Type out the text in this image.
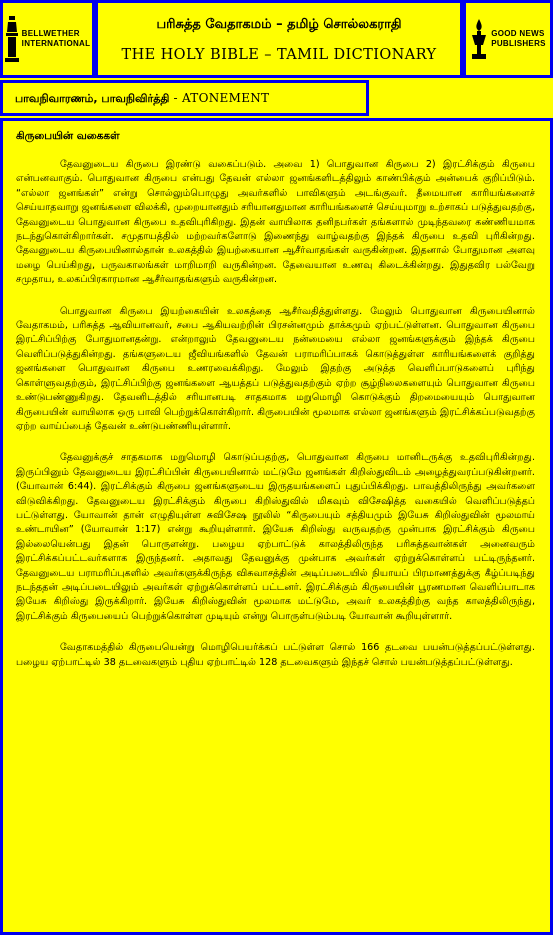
BELLWETHER
INTERNATIONAL
பரிசுத்த வேதாகமம் – தமிழ் சொல்லகராதி
THE HOLY BIBLE – TAMIL DICTIONARY
GOOD NEWS
PUBLISHERS
பாவநிவாரணம், பாவநிவிர்த்தி - ATONEMENT
கிருபையின் வகைகள்

தேவனுடைய கிருபை இரண்டு வகைப்படும். அவை 1) பொதுவான கிருபை 2) இரட்சிக்கும் கிருபை என்பனவாகும். பொதுவான கிருபை என்பது தேவன் எல்லா ஜனங்களிடத்திலும் காண்பிக்கும் அன்பைக் குறிப்பிடும். “எல்லா ஜனங்கள்” என்று சொல்லும்பொழுது அவர்களில் பாவிகளும் அடங்குவர். தீமையான காரியங்களைச் செய்யாதவாறு ஜனங்களை விலக்கி, முறையானதும் சரியானதுமான காரியங்களைச் செய்யுமாறு உற்சாகப் படுத்துவதற்கு, தேவனுடைய பொதுவான கிருபை உதவிபுரிகிறது. இதன் வாயிலாக தனிநபர்கள் தங்களால் முடிந்தவரை கண்ணியமாக நடந்துகொள்கிறார்கள். சமுதாயத்தில் மற்றவர்களோடு இணைந்து வாழ்வதற்கு இந்தக் கிருபை உதவி புரிகின்றது. தேவனுடைய கிருபையினால்தான் உலகத்தில் இயற்கையான ஆசீர்வாதங்கள் வருகின்றன. இதனால் போதுமான அளவு மழை பெய்கிறது, பருவகாலங்கள் மாறிமாறி வருகின்றன. தேவையான உணவு கிடைக்கின்றது. இதுதவிர பல்வேறு சமுதாய, உலகப்பிரகாரமான ஆசீர்வாதங்களும் வருகின்றன.

பொதுவான கிருபை இயற்கையின் உலகத்தை ஆசீர்வதித்துள்ளது. மேலும் பொதுவான கிருபையினால் வேதாகமம், பரிசுத்த ஆவியானவர், சபை ஆகியவற்றின் பிரசன்னமும் தாக்கமும் ஏற்பட்டுள்ளன. பொதுவான கிருபை இரட்சிப்பிற்கு போதுமானதன்று. என்றாலும் தேவனுடைய நன்மையை எல்லா ஜனங்களுக்கும் இந்தக் கிருபை வெளிப்படுத்துகின்றது. தங்களுடைய ஜீவியங்களில் தேவன் பராமரிப்பாகக் கொடுத்துள்ள காரியங்களைக் குறித்து ஜனங்களை பொதுவான கிருபை உணரவைக்கிறது. மேலும் இதற்கு அடுத்த வெளிப்பாடுகளைப் புரிந்து கொள்ளுவதற்கும், இரட்சிப்பிற்கு ஜனங்களை ஆயத்தப் படுத்துவதற்கும் ஏற்ற சூழ்நிலைகளையும் பொதுவான கிருபை உண்டுபண்ணுகிறது. தேவனிடத்தில் சரியானபடி சாதகமாக மறுமொழி கொடுக்கும் திறமையையும் பொதுவான கிருபையின் வாயிலாக ஒரு பாவி பெற்றுக்கொள்கிறார். கிருபையின் மூலமாக எல்லா ஜனங்களும் இரட்சிக்கப்படுவதற்கு ஏற்ற வாய்ப்பைத் தேவன் உண்டுபண்ணியுள்ளார்.

தேவனுக்குச் சாதகமாக மறுமொழி கொடுப்பதற்கு, பொதுவான கிருபை மானிடருக்கு உதவிபுரிகின்றது. இருப்பினும் தேவனுடைய இரட்சிப்பின் கிருபையினால் மட்டுமே ஜனங்கள் கிறிஸ்துவிடம் அழைத்துவரப்படுகின்றனர். (யோவான் 6:44). இரட்சிக்கும் கிருபை ஜனங்களுடைய இருதயங்களைப் புதுப்பிக்கிறது. பாவத்திலிருந்து அவர்களை விடுவிக்கிறது. தேவனுடைய இரட்சிக்கும் கிருபை கிறிஸ்துவில் மிகவும் விசேஷித்த வகையில் வெளிப்படுத்தப் பட்டுள்ளது. யோவான் தான் எழுதியுள்ள சுவிசேஷ நூலில் “கிருபையும் சத்தியமும் இயேசு கிறிஸ்துவின் மூலமாய் உண்டாயின” (யோவான் 1:17) என்று கூறியுள்ளார். இயேசு கிறிஸ்து வருவதற்கு முன்பாக இரட்சிக்கும் கிருபை இல்லையென்பது இதன் பொருளன்று. பழைய ஏற்பாட்டுக் காலத்திலிருந்த பரிசுத்தவான்கள் அனைவரும் இரட்சிக்கப்பட்டவர்களாக இருந்தனர். அதாவது தேவனுக்கு முன்பாக அவர்கள் ஏற்றுக்கொள்ளப் பட்டிருந்தனர். தேவனுடைய பராமரிப்புகளில் அவர்களுக்கிருந்த விசுவாசத்தின் அடிப்படையில் நியாயப் பிரமாணத்துக்கு கீழ்ப்படிந்து நடந்ததன் அடிப்படையிலும் அவர்கள் ஏற்றுக்கொள்ளப் பட்டனர். இரட்சிக்கும் கிருபையின் பூரணமான வெளிப்பாடாக இயேசு கிறிஸ்து இருக்கிறார். இயேசு கிறிஸ்துவின் மூலமாக மட்டுமே, அவர் உலகத்திற்கு வந்த காலத்திலிருந்து, இரட்சிக்கும் கிருபையைப் பெற்றுக்கொள்ள முடியும் என்று பொருள்படும்படி யோவான் கூறியுள்ளார்.

வேதாகமத்தில் கிருபையென்று மொழிபெயர்க்கப் பட்டுள்ள சொல் 166 தடவை பயன்படுத்தப்பட்டுள்ளது. பழைய ஏற்பாட்டில் 38 தடவைகளும் புதிய ஏற்பாட்டில் 128 தடவைகளும் இந்தச் சொல் பயன்படுத்தப்பட்டுள்ளது.
